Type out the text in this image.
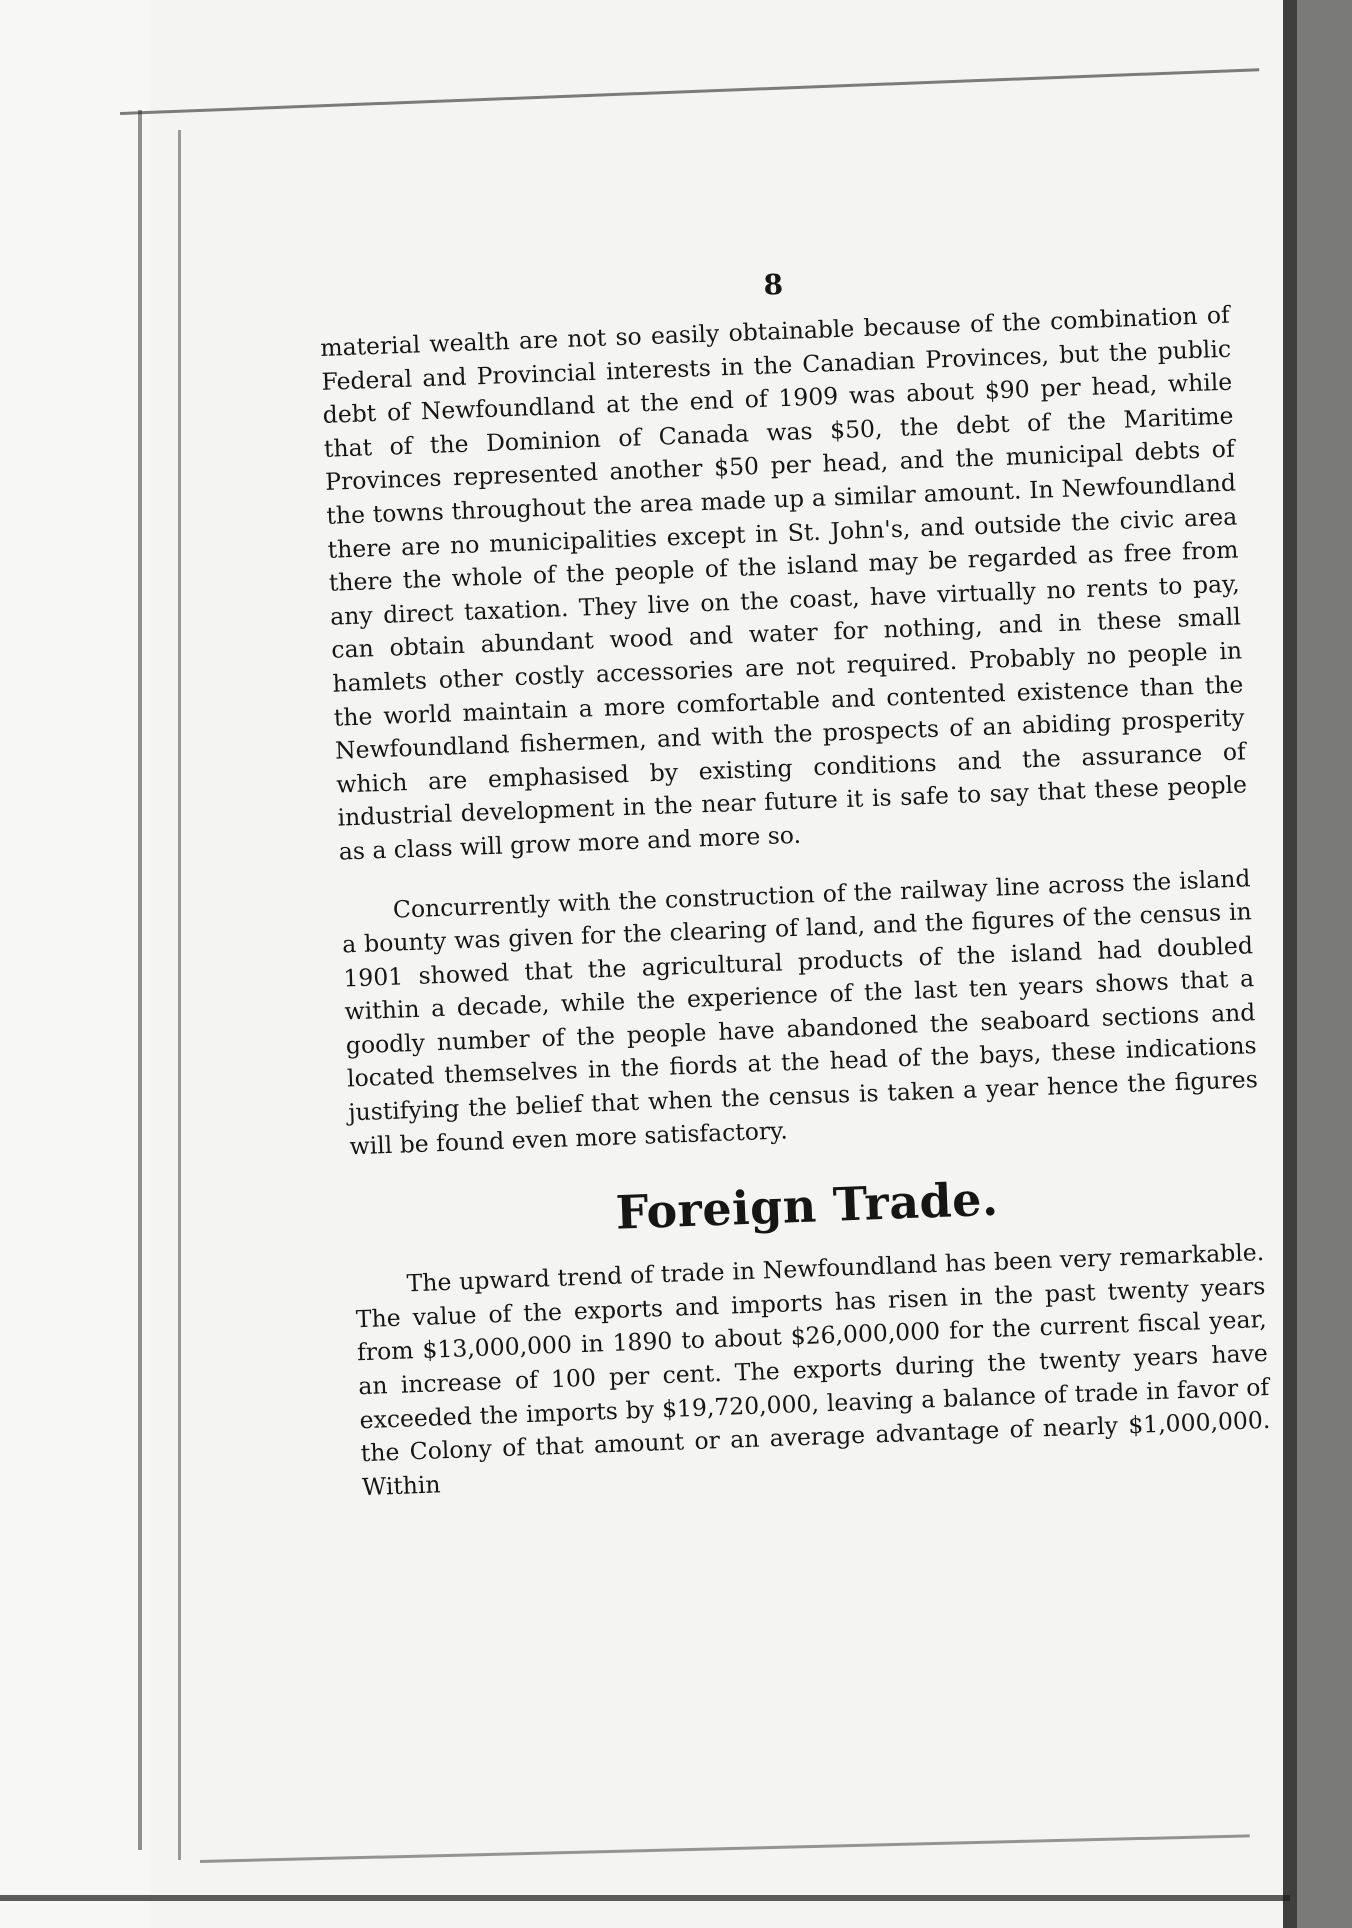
8

material wealth are not so easily obtainable because of the combination of Federal and Provincial interests in the Canadian Provinces, but the public debt of Newfoundland at the end of 1909 was about $90 per head, while that of the Dominion of Canada was $50, the debt of the Maritime Provinces represented another $50 per head, and the municipal debts of the towns throughout the area made up a similar amount. In Newfoundland there are no municipalities except in St. John's, and outside the civic area there the whole of the people of the island may be regarded as free from any direct taxation. They live on the coast, have virtually no rents to pay, can obtain abundant wood and water for nothing, and in these small hamlets other costly accessories are not required. Probably no people in the world maintain a more comfortable and contented existence than the Newfoundland fishermen, and with the prospects of an abiding prosperity which are emphasised by existing conditions and the assurance of industrial development in the near future it is safe to say that these people as a class will grow more and more so.

Concurrently with the construction of the railway line across the island a bounty was given for the clearing of land, and the figures of the census in 1901 showed that the agricultural products of the island had doubled within a decade, while the experience of the last ten years shows that a goodly number of the people have abandoned the seaboard sections and located themselves in the fiords at the head of the bays, these indications justifying the belief that when the census is taken a year hence the figures will be found even more satisfactory.

Foreign Trade.

The upward trend of trade in Newfoundland has been very remarkable. The value of the exports and imports has risen in the past twenty years from $13,000,000 in 1890 to about $26,000,000 for the current fiscal year, an increase of 100 per cent. The exports during the twenty years have exceeded the imports by $19,720,000, leaving a balance of trade in favor of the Colony of that amount or an average advantage of nearly $1,000,000. Within
